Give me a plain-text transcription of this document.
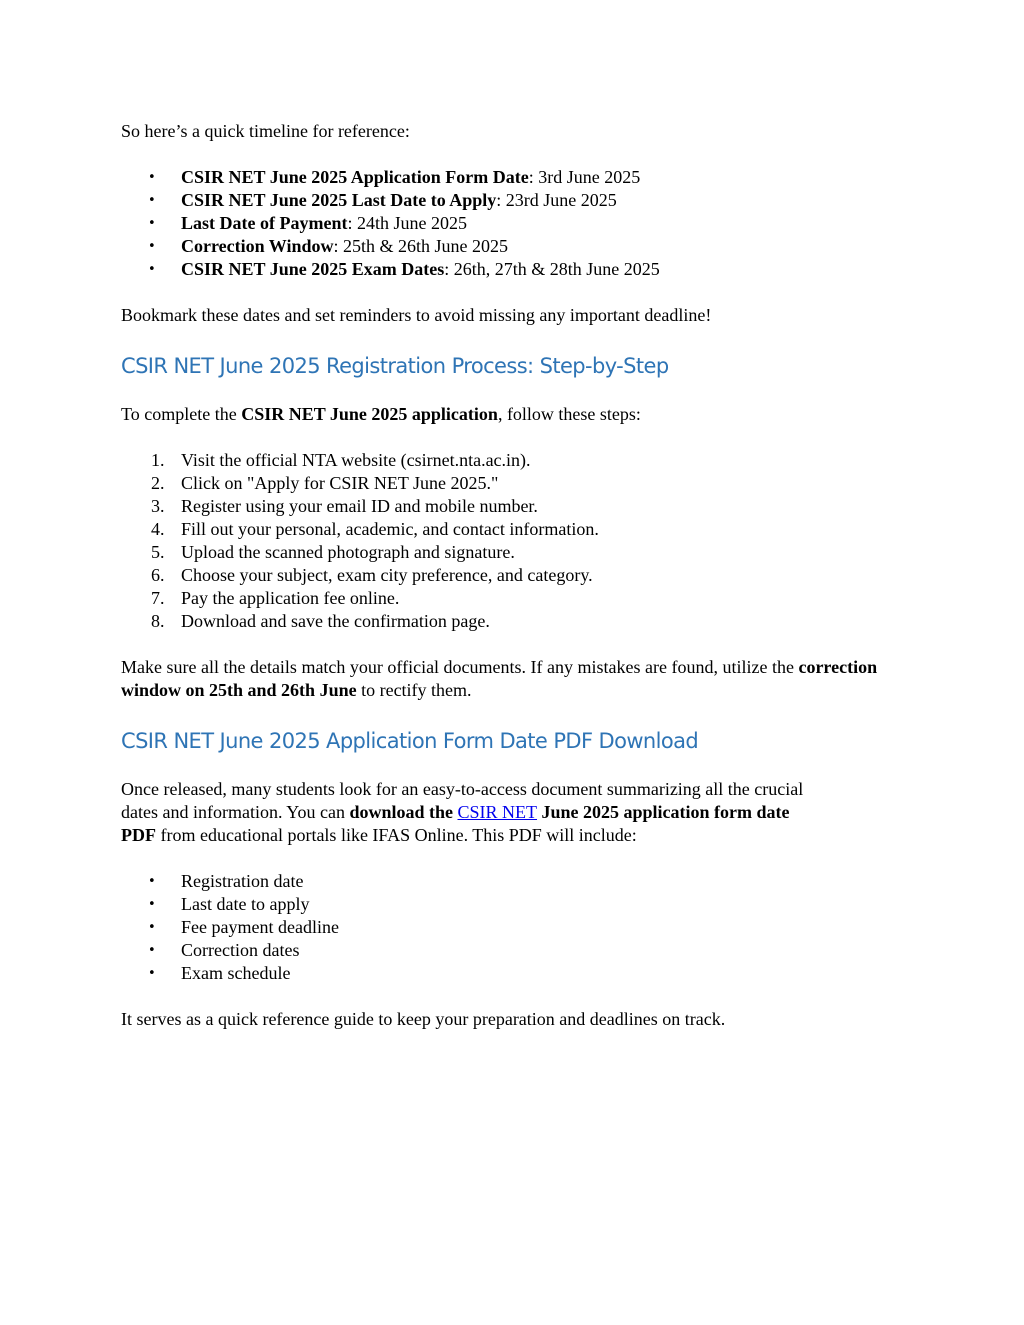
So here’s a quick timeline for reference:

• CSIR NET June 2025 Application Form Date: 3rd June 2025
• CSIR NET June 2025 Last Date to Apply: 23rd June 2025
• Last Date of Payment: 24th June 2025
• Correction Window: 25th & 26th June 2025
• CSIR NET June 2025 Exam Dates: 26th, 27th & 28th June 2025

Bookmark these dates and set reminders to avoid missing any important deadline!

CSIR NET June 2025 Registration Process: Step-by-Step

To complete the CSIR NET June 2025 application, follow these steps:

1. Visit the official NTA website (csirnet.nta.ac.in).
2. Click on "Apply for CSIR NET June 2025."
3. Register using your email ID and mobile number.
4. Fill out your personal, academic, and contact information.
5. Upload the scanned photograph and signature.
6. Choose your subject, exam city preference, and category.
7. Pay the application fee online.
8. Download and save the confirmation page.

Make sure all the details match your official documents. If any mistakes are found, utilize the correction window on 25th and 26th June to rectify them.

CSIR NET June 2025 Application Form Date PDF Download

Once released, many students look for an easy-to-access document summarizing all the crucial
dates and information. You can download the CSIR NET June 2025 application form date
PDF from educational portals like IFAS Online. This PDF will include:

• Registration date
• Last date to apply
• Fee payment deadline
• Correction dates
• Exam schedule

It serves as a quick reference guide to keep your preparation and deadlines on track.
